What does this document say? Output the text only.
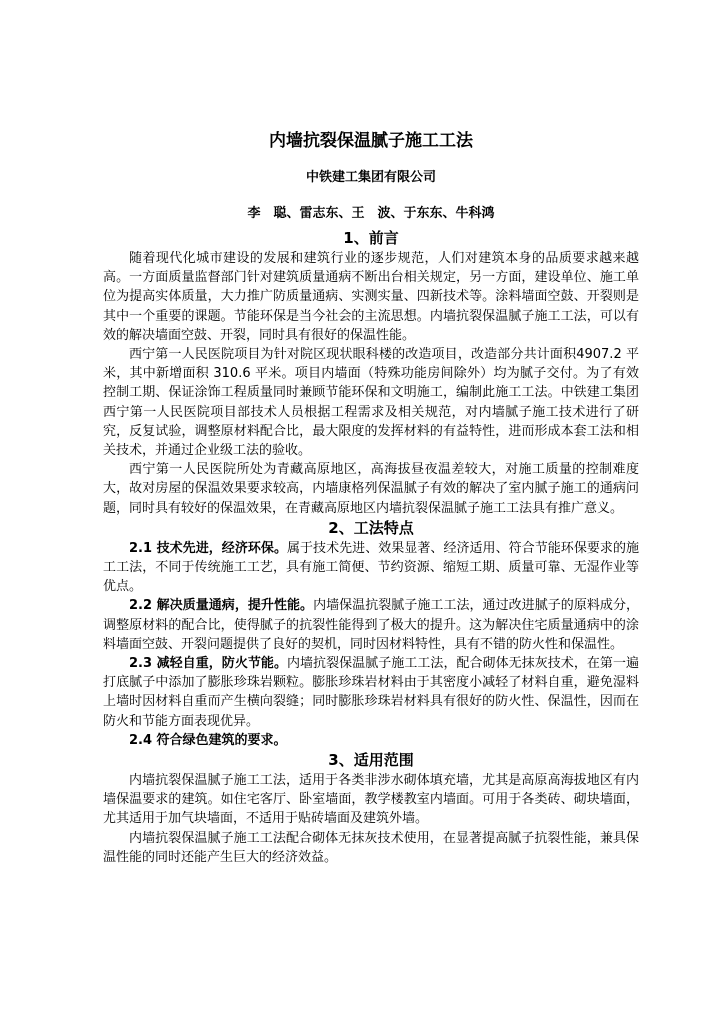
内墙抗裂保温腻子施工工法
中铁建工集团有限公司
李　聪、雷志东、王　波、于东东、牛科鸿
1、前言

随着现代化城市建设的发展和建筑行业的逐步规范，人们对建筑本身的品质要求越来越高。一方面质量监督部门针对建筑质量通病不断出台相关规定，另一方面，建设单位、施工单位为提高实体质量，大力推广防质量通病、实测实量、四新技术等。涂料墙面空鼓、开裂则是其中一个重要的课题。节能环保是当今社会的主流思想。内墙抗裂保温腻子施工工法，可以有效的解决墙面空鼓、开裂，同时具有很好的保温性能。

西宁第一人民医院项目为针对院区现状眼科楼的改造项目，改造部分共计面积4907.2 平米，其中新增面积 310.6 平米。项目内墙面（特殊功能房间除外）均为腻子交付。为了有效控制工期、保证涂饰工程质量同时兼顾节能环保和文明施工，编制此施工工法。中铁建工集团西宁第一人民医院项目部技术人员根据工程需求及相关规范，对内墙腻子施工技术进行了研究，反复试验，调整原材料配合比，最大限度的发挥材料的有益特性，进而形成本套工法和相关技术，并通过企业级工法的验收。

西宁第一人民医院所处为青藏高原地区，高海拔昼夜温差较大，对施工质量的控制难度大，故对房屋的保温效果要求较高，内墙康格列保温腻子有效的解决了室内腻子施工的通病问题，同时具有较好的保温效果，在青藏高原地区内墙抗裂保温腻子施工工法具有推广意义。

2、工法特点

2.1 技术先进，经济环保。属于技术先进、效果显著、经济适用、符合节能环保要求的施工工法，不同于传统施工工艺，具有施工简便、节约资源、缩短工期、质量可靠、无湿作业等优点。

2.2 解决质量通病，提升性能。内墙保温抗裂腻子施工工法，通过改进腻子的原料成分，调整原材料的配合比，使得腻子的抗裂性能得到了极大的提升。这为解决住宅质量通病中的涂料墙面空鼓、开裂问题提供了良好的契机，同时因材料特性，具有不错的防火性和保温性。

2.3 减轻自重，防火节能。内墙抗裂保温腻子施工工法，配合砌体无抹灰技术，在第一遍打底腻子中添加了膨胀珍珠岩颗粒。膨胀珍珠岩材料由于其密度小减轻了材料自重，避免湿料上墙时因材料自重而产生横向裂缝；同时膨胀珍珠岩材料具有很好的防火性、保温性，因而在防火和节能方面表现优异。

2.4 符合绿色建筑的要求。

3、适用范围

内墙抗裂保温腻子施工工法，适用于各类非涉水砌体填充墙，尤其是高原高海拔地区有内墙保温要求的建筑。如住宅客厅、卧室墙面，教学楼教室内墙面。可用于各类砖、砌块墙面，尤其适用于加气块墙面，不适用于贴砖墙面及建筑外墙。

内墙抗裂保温腻子施工工法配合砌体无抹灰技术使用，在显著提高腻子抗裂性能，兼具保温性能的同时还能产生巨大的经济效益。
